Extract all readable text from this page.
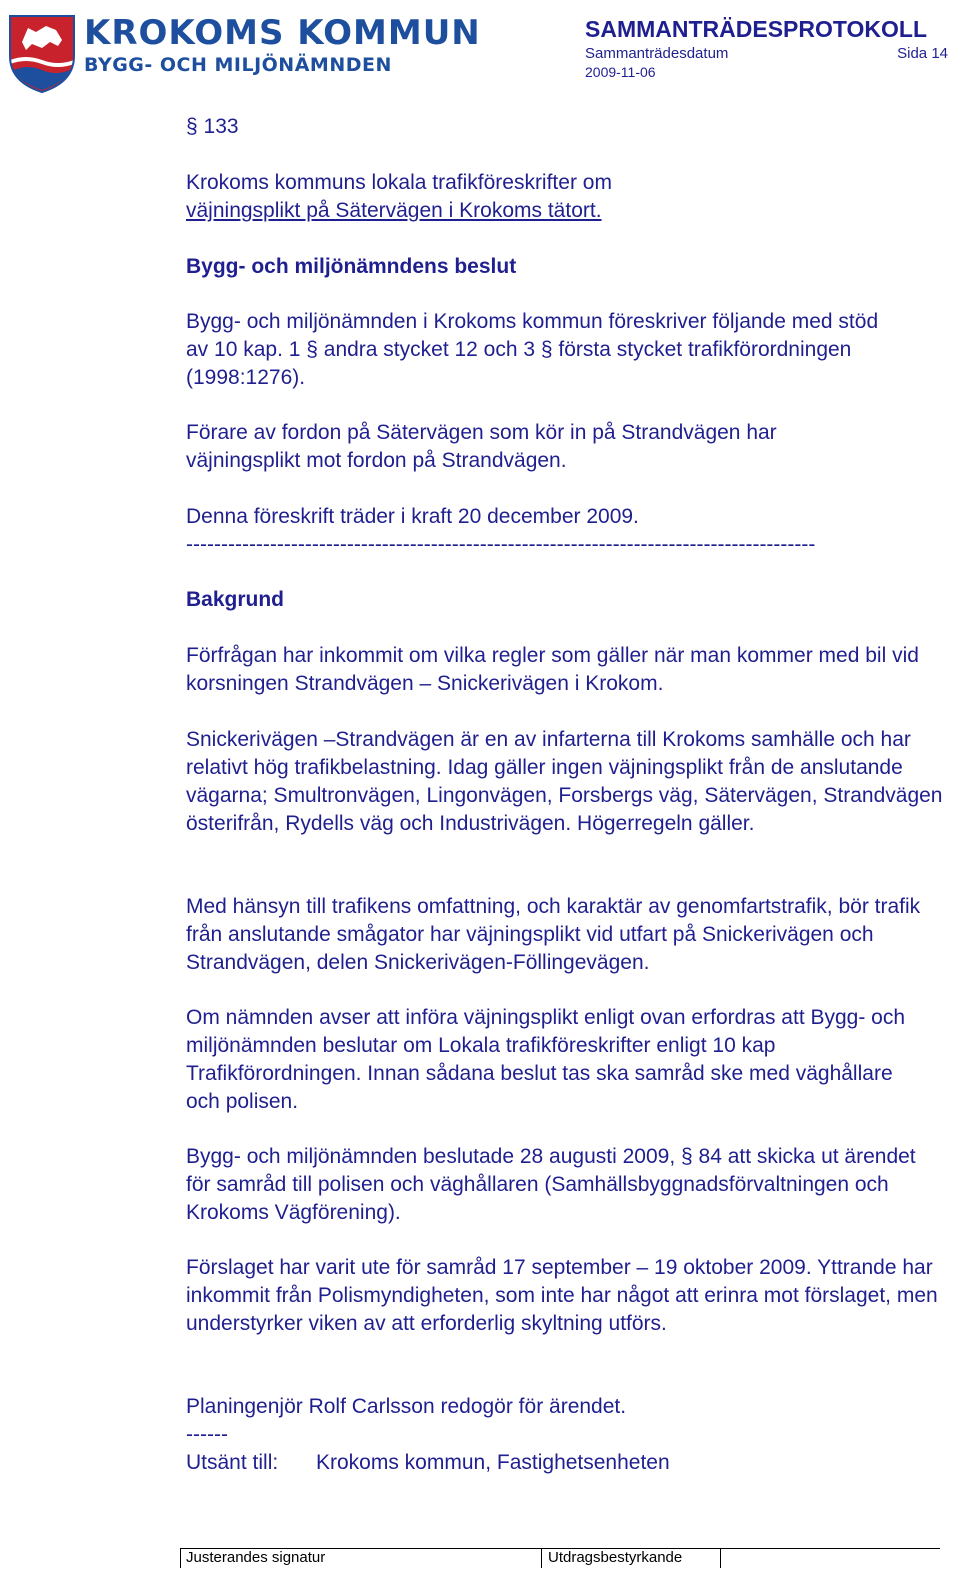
KROKOMS KOMMUN
BYGG- OCH MILJÖNÄMNDEN
SAMMANTRÄDESPROTOKOLL
Sammanträdesdatum	Sida 14
2009-11-06

§ 133

Krokoms kommuns lokala trafikföreskrifter om

väjningsplikt på Sätervägen i Krokoms tätort.

Bygg- och miljönämndens beslut

Bygg- och miljönämnden i Krokoms kommun föreskriver följande med stöd av 10 kap. 1 § andra stycket 12 och 3 § första stycket trafikförordningen (1998:1276).

Förare av fordon på Sätervägen som kör in på Strandvägen har väjningsplikt mot fordon på Strandvägen.

Denna föreskrift träder i kraft 20 december 2009.

------------------------------------------------------------------------------------------

Bakgrund

Förfrågan har inkommit om vilka regler som gäller när man kommer med bil vid korsningen Strandvägen – Snickerivägen i Krokom.

Snickerivägen –Strandvägen är en av infarterna till Krokoms samhälle och har relativt hög trafikbelastning. Idag gäller ingen väjningsplikt från de anslutande vägarna; Smultronvägen, Lingonvägen, Forsbergs väg, Sätervägen, Strandvägen österifrån, Rydells väg och Industrivägen. Högerregeln gäller.

Med hänsyn till trafikens omfattning, och karaktär av genomfartstrafik, bör trafik från anslutande smågator har väjningsplikt vid utfart på Snickerivägen och Strandvägen, delen Snickerivägen-Föllingevägen.

Om nämnden avser att införa väjningsplikt enligt ovan erfordras att Bygg- och miljönämnden beslutar om Lokala trafikföreskrifter enligt 10 kap Trafikförordningen. Innan sådana beslut tas ska samråd ske med väghållare och polisen.

Bygg- och miljönämnden beslutade 28 augusti 2009, § 84 att skicka ut ärendet för samråd till polisen och väghållaren (Samhällsbyggnadsförvaltningen och Krokoms Vägförening).

Förslaget har varit ute för samråd 17 september – 19 oktober 2009. Yttrande har inkommit från Polismyndigheten, som inte har något att erinra mot förslaget, men understyrker viken av att erforderlig skyltning utförs.

Planingenjör Rolf Carlsson redogör för ärendet.

------

Utsänt till:	Krokoms kommun, Fastighetsenheten

Justerandes signatur	Utdragsbestyrkande
